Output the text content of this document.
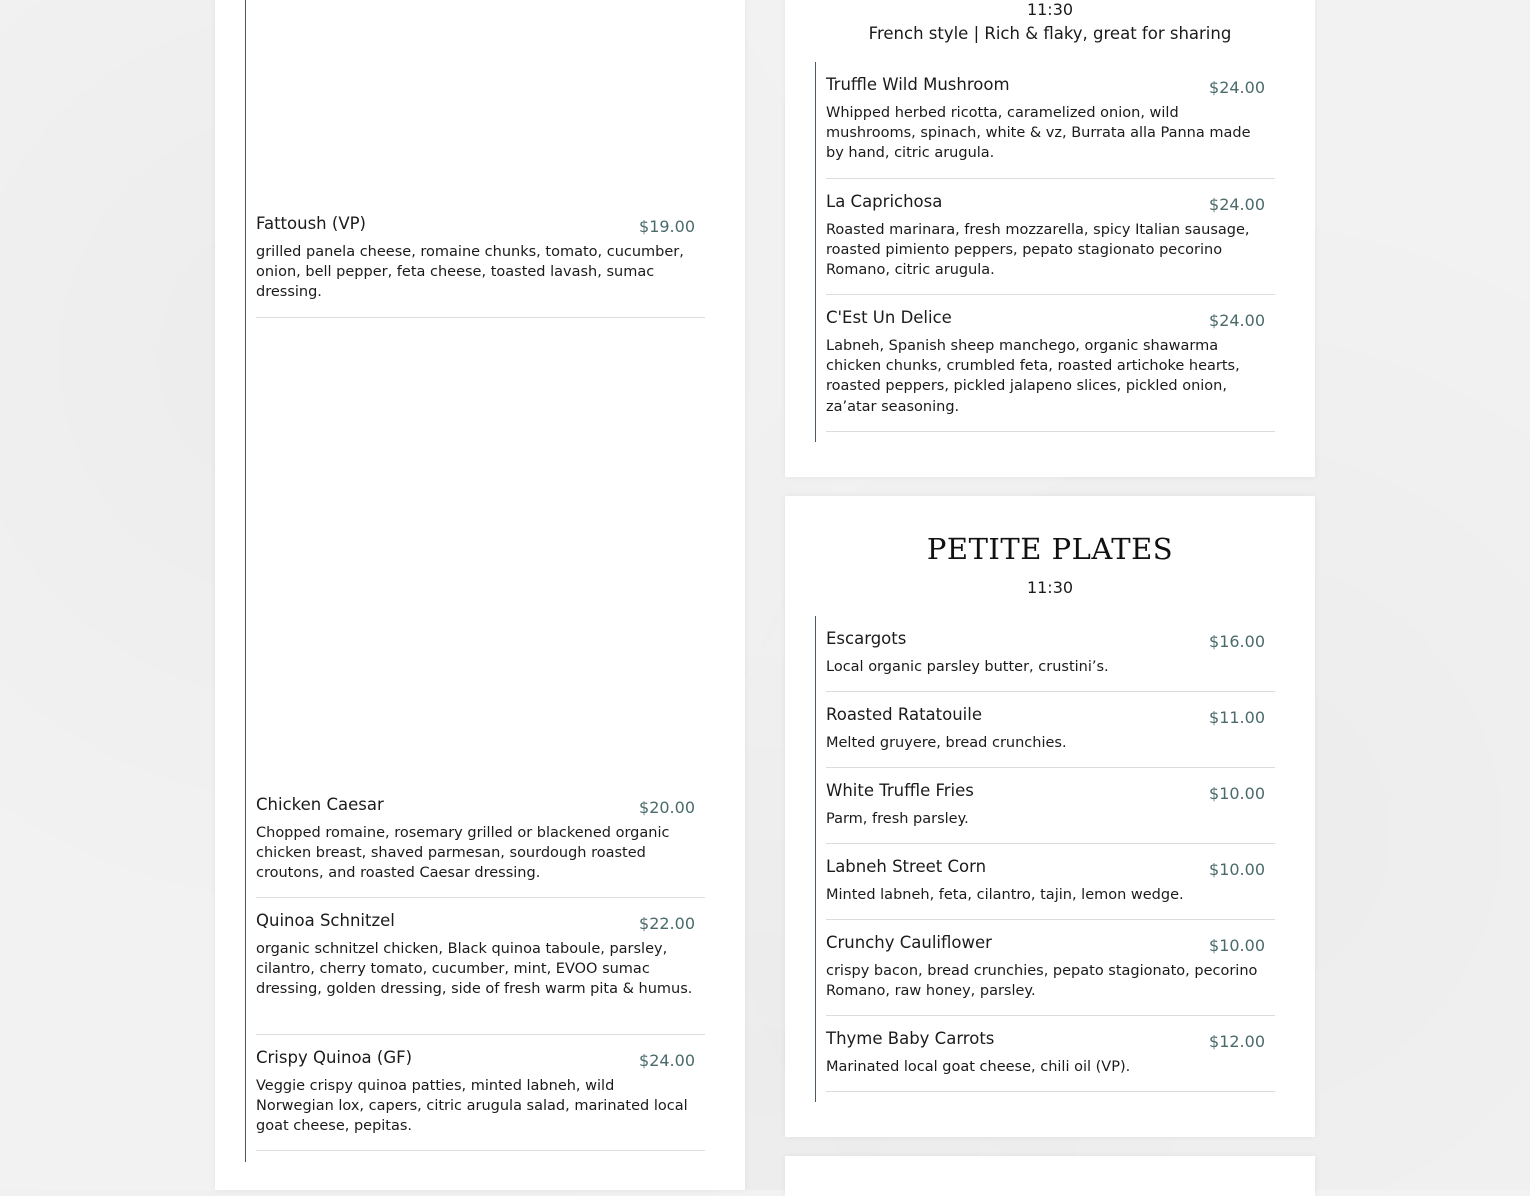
Fattoush (VP)	$19.00
grilled panela cheese, romaine chunks, tomato, cucumber, onion, bell pepper, feta cheese, toasted lavash, sumac dressing.
Chicken Caesar	$20.00
Chopped romaine, rosemary grilled or blackened organic chicken breast, shaved parmesan, sourdough roasted croutons, and roasted Caesar dressing.
Quinoa Schnitzel	$22.00
organic schnitzel chicken, Black quinoa taboule, parsley, cilantro, cherry tomato, cucumber, mint, EVOO sumac dressing, golden dressing, side of fresh warm pita & humus.
Crispy Quinoa (GF)	$24.00
Veggie crispy quinoa patties, minted labneh, wild Norwegian lox, capers, citric arugula salad, marinated local goat cheese, pepitas.
11:30
French style | Rich & flaky, great for sharing
Truffle Wild Mushroom	$24.00
Whipped herbed ricotta, caramelized onion, wild mushrooms, spinach, white & vz, Burrata alla Panna made by hand, citric arugula.
La Caprichosa	$24.00
Roasted marinara, fresh mozzarella, spicy Italian sausage, roasted pimiento peppers, pepato stagionato pecorino Romano, citric arugula.
C'Est Un Delice	$24.00
Labneh, Spanish sheep manchego, organic shawarma chicken chunks, crumbled feta, roasted artichoke hearts, roasted peppers, pickled jalapeno slices, pickled onion, za’atar seasoning.
PETITE PLATES
11:30
Escargots	$16.00
Local organic parsley butter, crustini’s.
Roasted Ratatouile	$11.00
Melted gruyere, bread crunchies.
White Truffle Fries	$10.00
Parm, fresh parsley.
Labneh Street Corn	$10.00
Minted labneh, feta, cilantro, tajin, lemon wedge.
Crunchy Cauliflower	$10.00
crispy bacon, bread crunchies, pepato stagionato, pecorino Romano, raw honey, parsley.
Thyme Baby Carrots	$12.00
Marinated local goat cheese, chili oil (VP).
